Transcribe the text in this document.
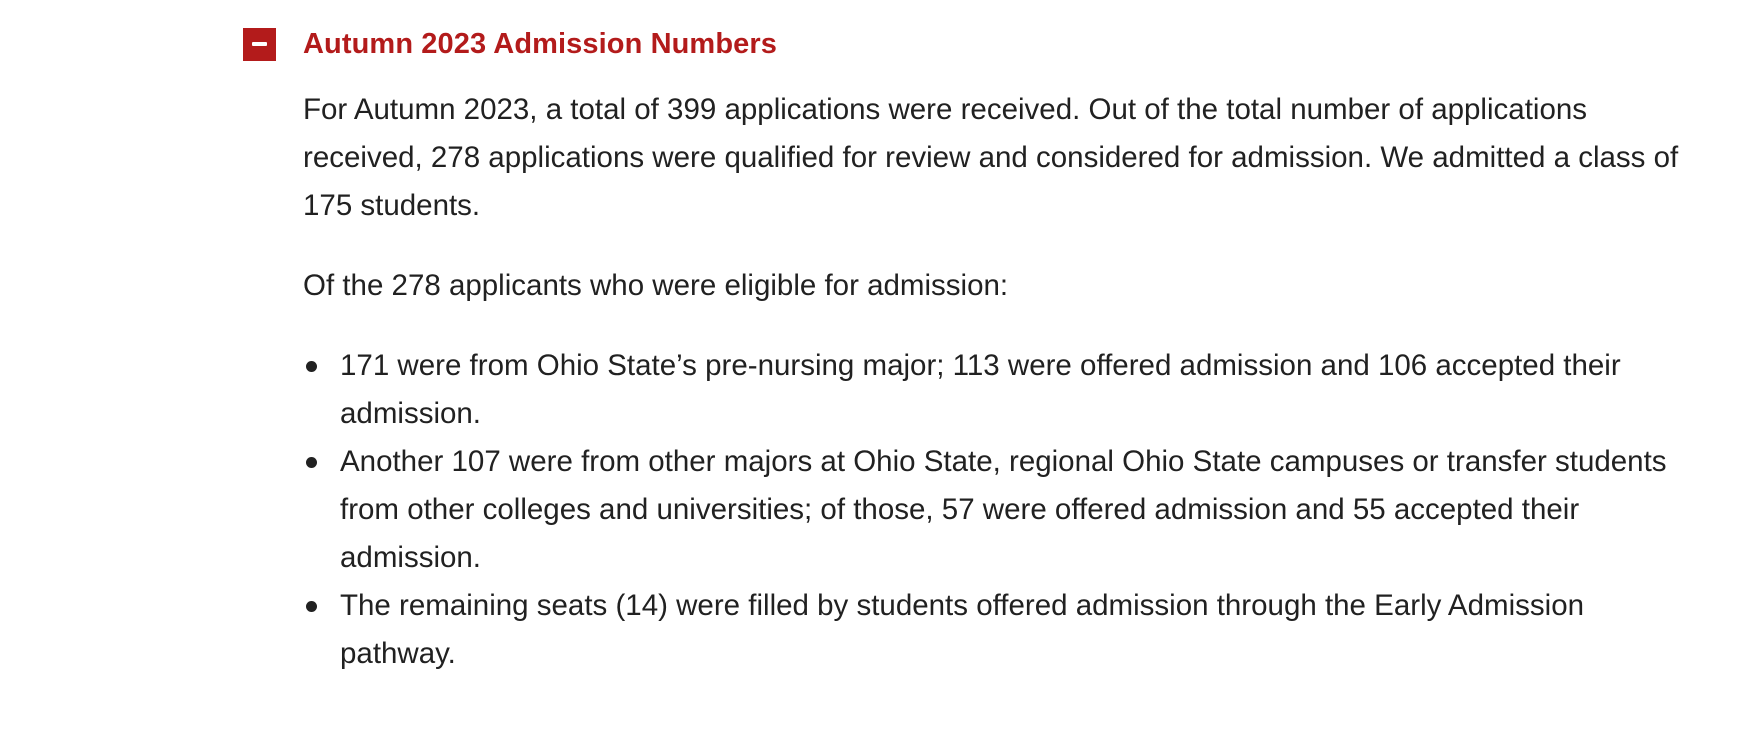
Autumn 2023 Admission Numbers

For Autumn 2023, a total of 399 applications were received. Out of the total number of applications received, 278 applications were qualified for review and considered for admission. We admitted a class of 175 students.

Of the 278 applicants who were eligible for admission:

171 were from Ohio State’s pre-nursing major; 113 were offered admission and 106 accepted their admission.
Another 107 were from other majors at Ohio State, regional Ohio State campuses or transfer students from other colleges and universities; of those, 57 were offered admission and 55 accepted their admission.
The remaining seats (14) were filled by students offered admission through the Early Admission pathway.
